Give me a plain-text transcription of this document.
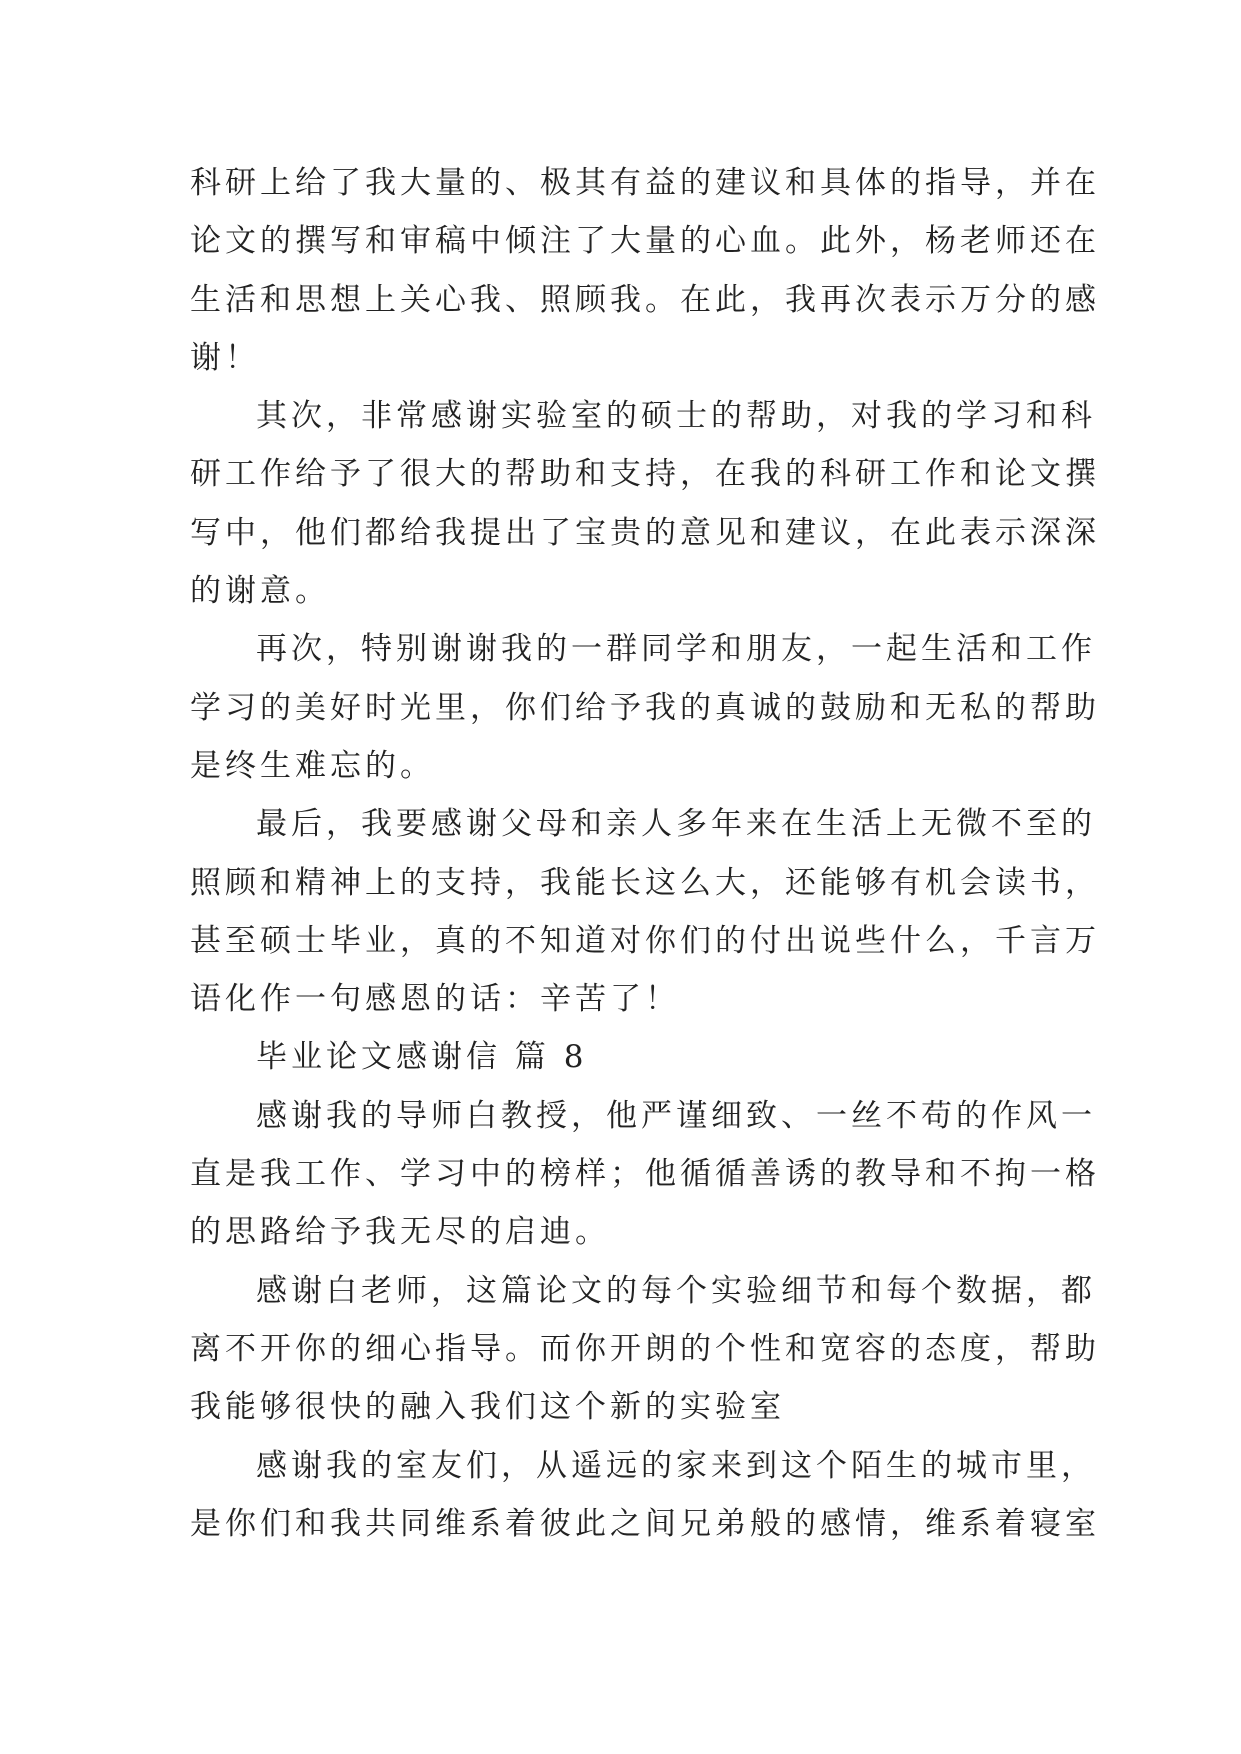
科研上给了我大量的、极其有益的建议和具体的指导，并在
论文的撰写和审稿中倾注了大量的心血。此外，杨老师还在
生活和思想上关心我、照顾我。在此，我再次表示万分的感
谢！
其次，非常感谢实验室的硕士的帮助，对我的学习和科
研工作给予了很大的帮助和支持，在我的科研工作和论文撰
写中，他们都给我提出了宝贵的意见和建议，在此表示深深
的谢意。
再次，特别谢谢我的一群同学和朋友，一起生活和工作
学习的美好时光里，你们给予我的真诚的鼓励和无私的帮助
是终生难忘的。
最后，我要感谢父母和亲人多年来在生活上无微不至的
照顾和精神上的支持，我能长这么大，还能够有机会读书，
甚至硕士毕业，真的不知道对你们的付出说些什么，千言万
语化作一句感恩的话：辛苦了！
毕业论文感谢信 篇 8
感谢我的导师白教授，他严谨细致、一丝不苟的作风一
直是我工作、学习中的榜样；他循循善诱的教导和不拘一格
的思路给予我无尽的启迪。
感谢白老师，这篇论文的每个实验细节和每个数据，都
离不开你的细心指导。而你开朗的个性和宽容的态度，帮助
我能够很快的融入我们这个新的实验室
感谢我的室友们，从遥远的家来到这个陌生的城市里，
是你们和我共同维系着彼此之间兄弟般的感情，维系着寝室
